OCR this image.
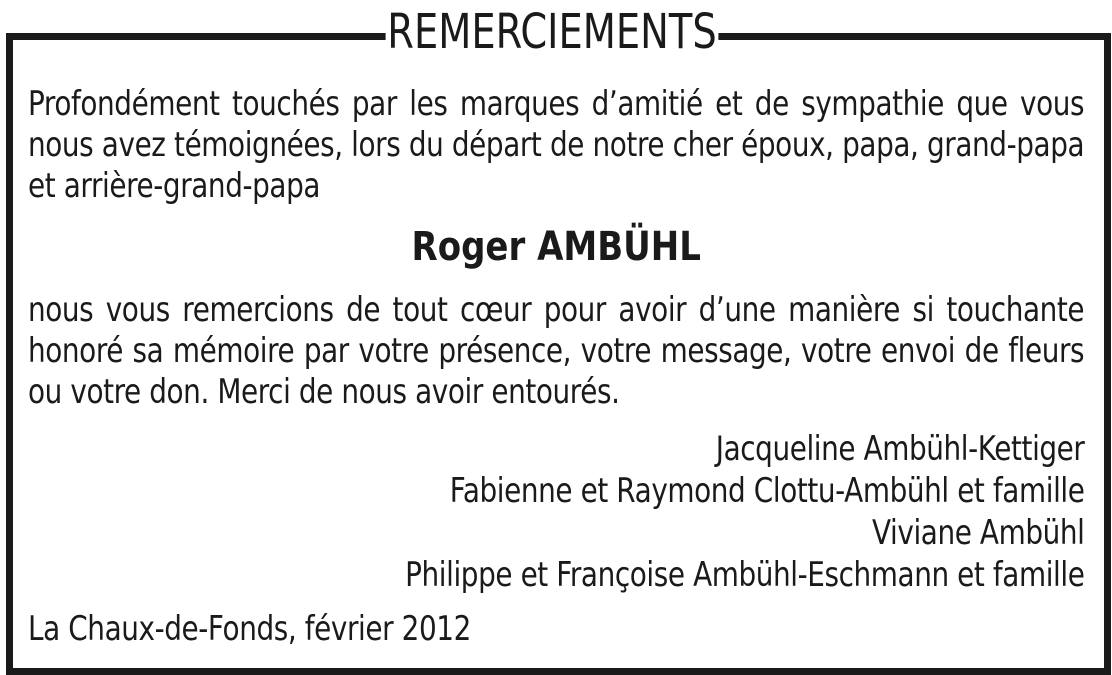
REMERCIEMENTS
Profondément touchés par les marques d’amitié et de sympathie que vous nous avez témoignées, lors du départ de notre cher époux, papa, grand-papa et arrière-grand-papa
Roger AMBÜHL
nous vous remercions de tout cœur pour avoir d’une manière si touchante honoré sa mémoire par votre présence, votre message, votre envoi de fleurs ou votre don. Merci de nous avoir entourés.
Jacqueline Ambühl-Kettiger
Fabienne et Raymond Clottu-Ambühl et famille
Viviane Ambühl
Philippe et Françoise Ambühl-Eschmann et famille
La Chaux-de-Fonds, février 2012
